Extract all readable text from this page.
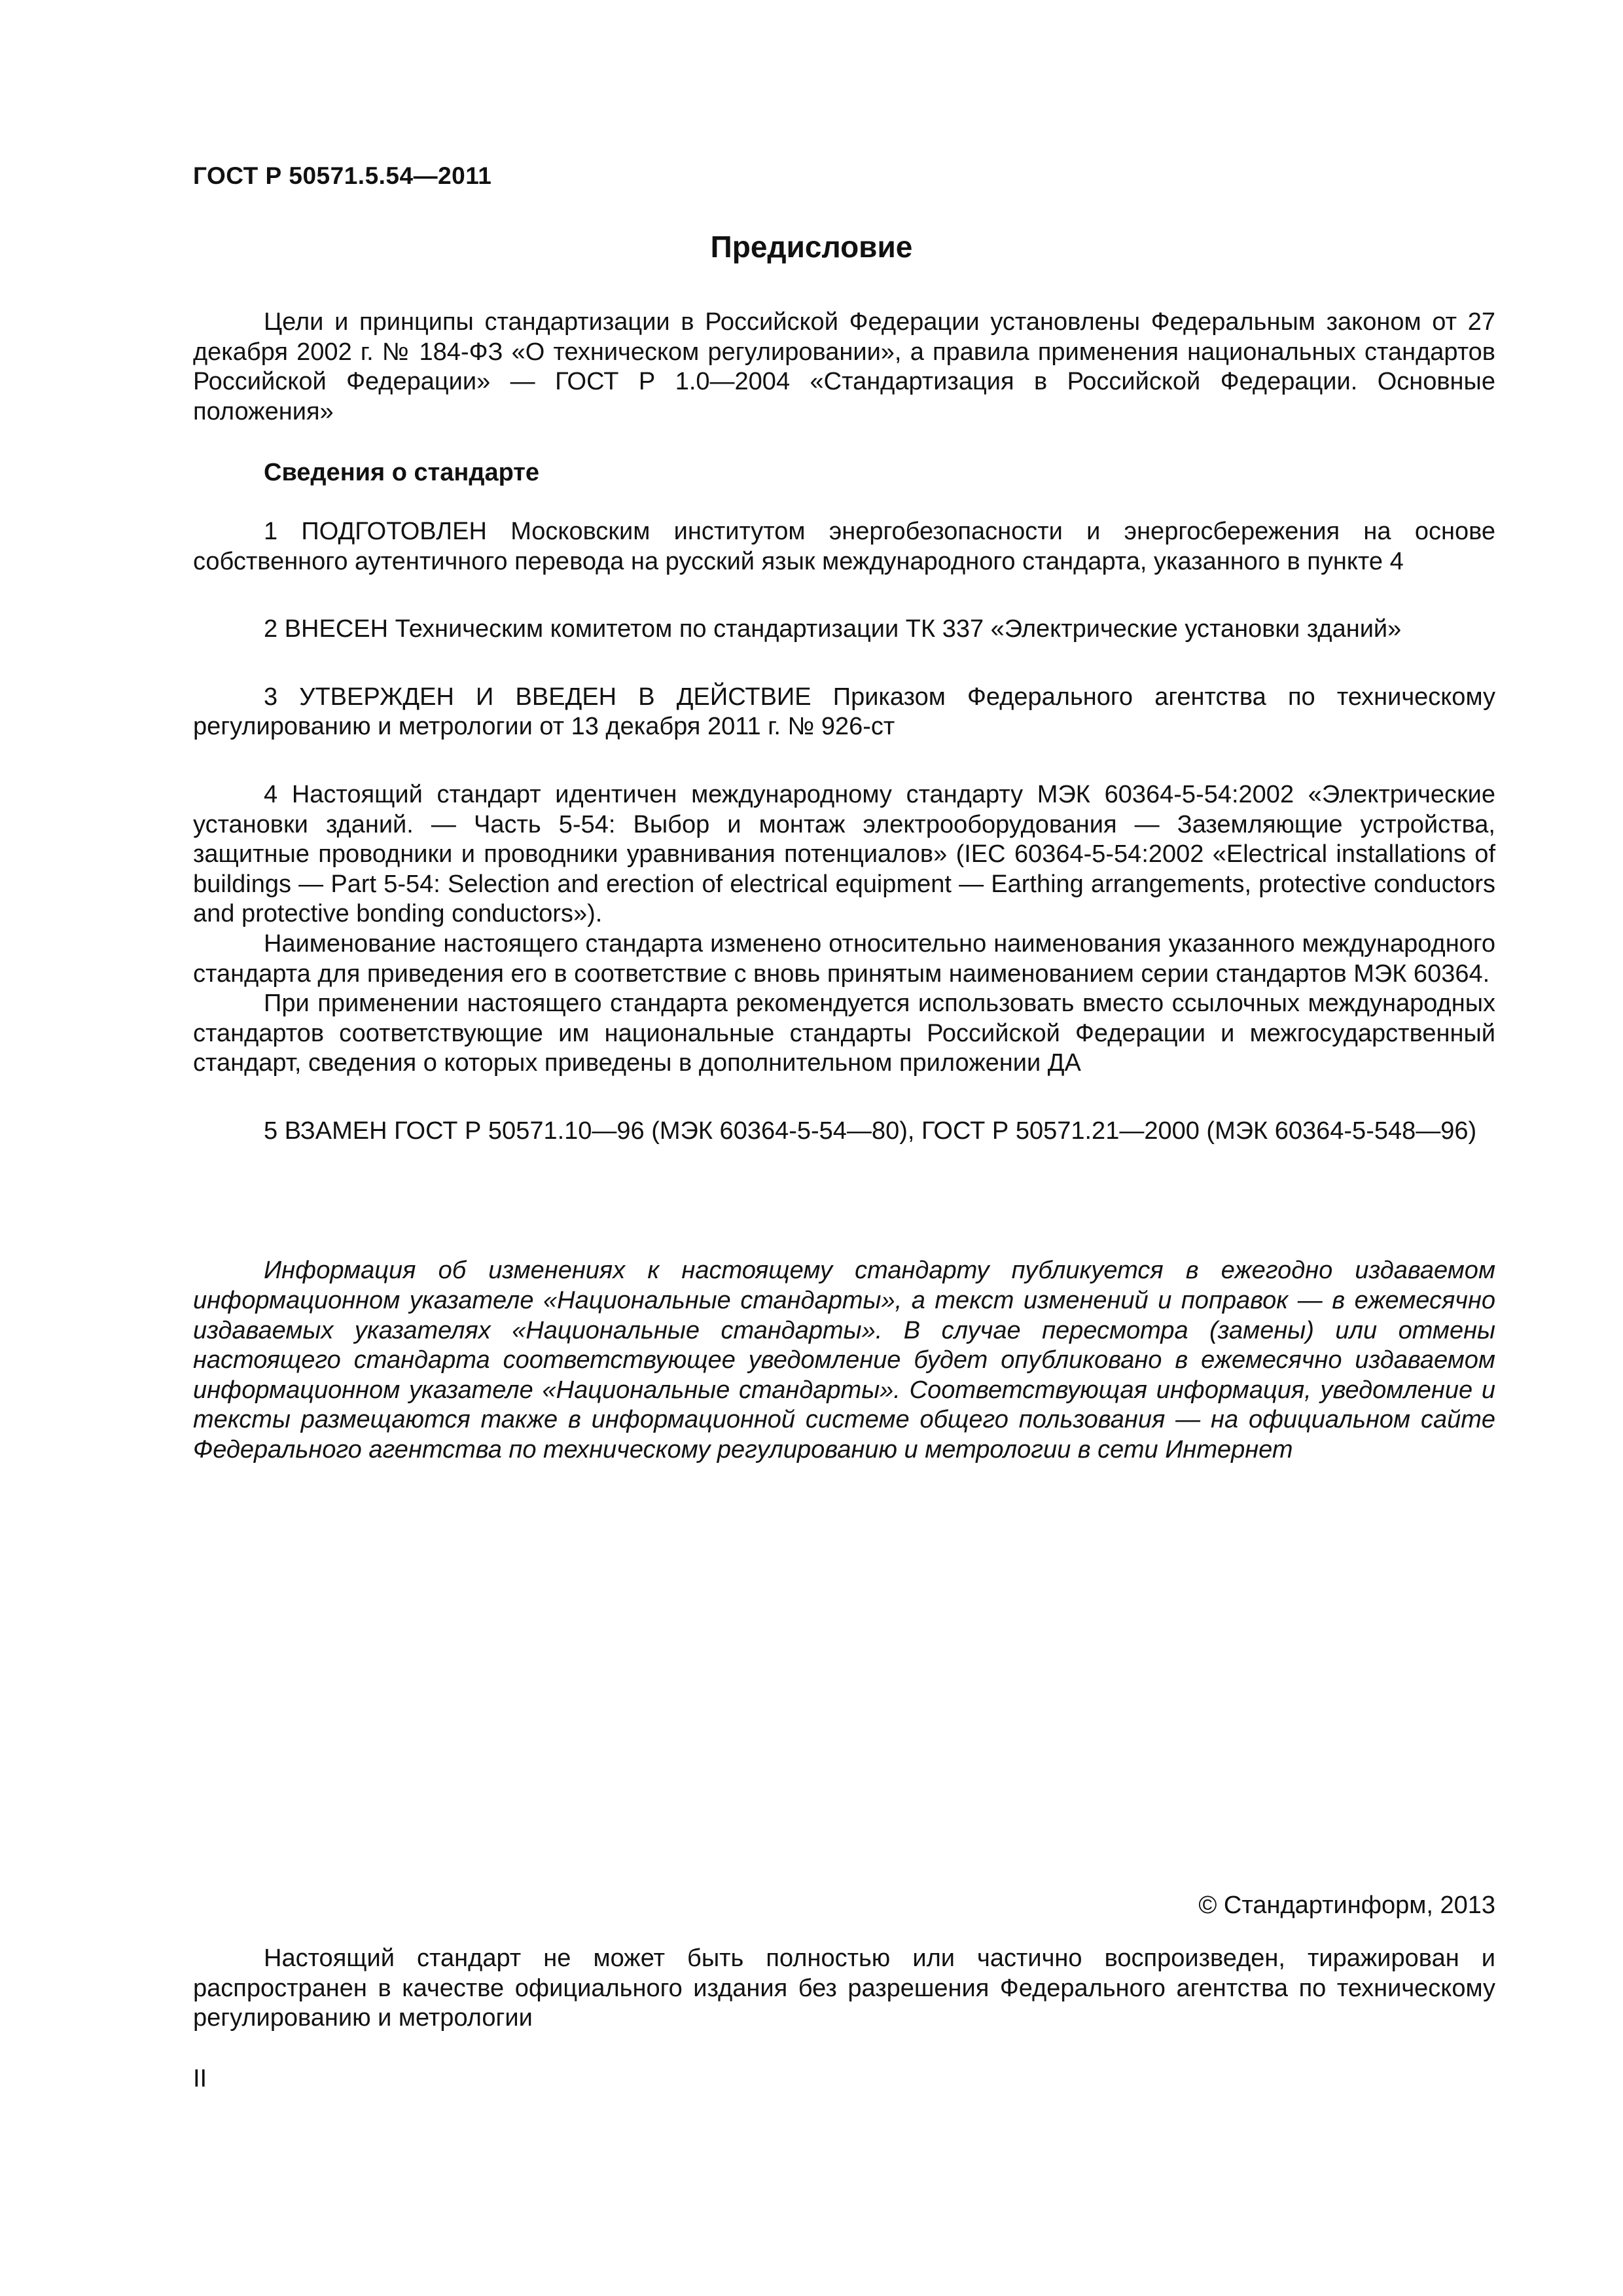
ГОСТ Р 50571.5.54—2011
Предисловие

Цели и принципы стандартизации в Российской Федерации установлены Федеральным законом от 27 декабря 2002 г. № 184-ФЗ «О техническом регулировании», а правила применения национальных стандартов Российской Федерации» — ГОСТ Р 1.0—2004 «Стандартизация в Российской Федерации. Основные положения»

Сведения о стандарте

1 ПОДГОТОВЛЕН Московским институтом энергобезопасности и энергосбережения на основе собственного аутентичного перевода на русский язык международного стандарта, указанного в пункте 4

2 ВНЕСЕН Техническим комитетом по стандартизации ТК 337 «Электрические установки зданий»

3 УТВЕРЖДЕН И ВВЕДЕН В ДЕЙСТВИЕ Приказом Федерального агентства по техническому регулированию и метрологии от 13 декабря 2011 г. № 926-ст

4 Настоящий стандарт идентичен международному стандарту МЭК 60364-5-54:2002 «Электрические установки зданий. — Часть 5-54: Выбор и монтаж электрооборудования — Заземляющие устройства, защитные проводники и проводники уравнивания потенциалов» (IEC 60364-5-54:2002 «Electrical installations of buildings — Part 5-54: Selection and erection of electrical equipment — Earthing arrangements, protective conductors and protective bonding conductors»).

Наименование настоящего стандарта изменено относительно наименования указанного международного стандарта для приведения его в соответствие с вновь принятым наименованием серии стандартов МЭК 60364.

При применении настоящего стандарта рекомендуется использовать вместо ссылочных международных стандартов соответствующие им национальные стандарты Российской Федерации и межгосударственный стандарт, сведения о которых приведены в дополнительном приложении ДА

5 ВЗАМЕН ГОСТ Р 50571.10—96 (МЭК 60364-5-54—80), ГОСТ Р 50571.21—2000 (МЭК 60364-5-548—96)

Информация об изменениях к настоящему стандарту публикуется в ежегодно издаваемом информационном указателе «Национальные стандарты», а текст изменений и поправок — в ежемесячно издаваемых указателях «Национальные стандарты». В случае пересмотра (замены) или отмены настоящего стандарта соответствующее уведомление будет опубликовано в ежемесячно издаваемом информационном указателе «Национальные стандарты». Соответствующая информация, уведомление и тексты размещаются также в информационной системе общего пользования — на официальном сайте Федерального агентства по техническому регулированию и метрологии в сети Интернет

© Стандартинформ, 2013

Настоящий стандарт не может быть полностью или частично воспроизведен, тиражирован и распространен в качестве официального издания без разрешения Федерального агентства по техническому регулированию и метрологии

II
